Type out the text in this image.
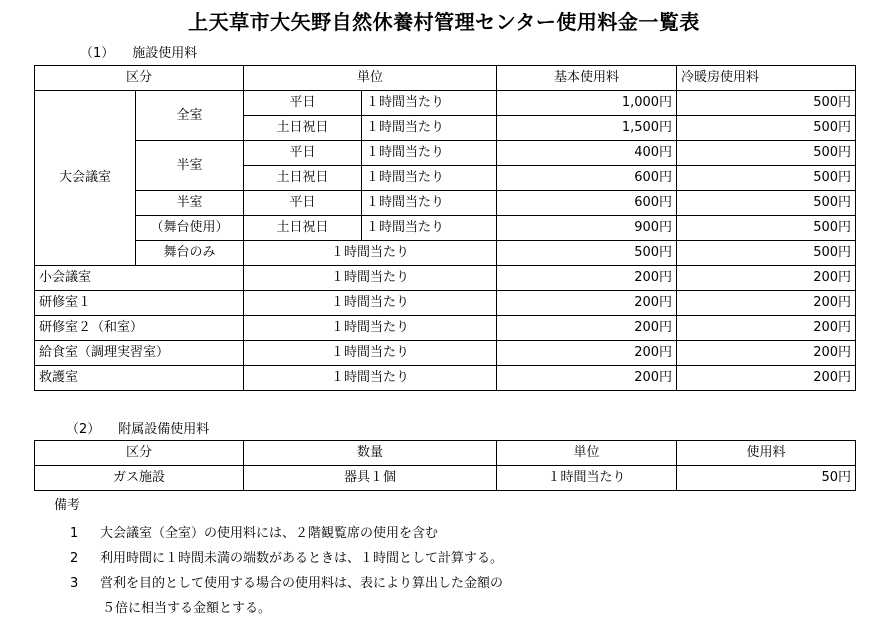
上天草市大矢野自然休養村管理センター使用料金一覧表
（1） 施設使用料
区分		単位		基本使用料	冷暖房使用料
大会議室	全室	平日	１時間当たり	1,000円	500円
		土日祝日	１時間当たり	1,500円	500円
	半室	平日	１時間当たり	400円	500円
		土日祝日	１時間当たり	600円	500円
	半室	平日	１時間当たり	600円	500円
	（舞台使用）	土日祝日	１時間当たり	900円	500円
	舞台のみ	１時間当たり		500円	500円
小会議室		１時間当たり		200円	200円
研修室１		１時間当たり		200円	200円
研修室２（和室）		１時間当たり		200円	200円
給食室（調理実習室）		１時間当たり		200円	200円
救護室		１時間当たり		200円	200円
（2） 附属設備使用料
区分	数量	単位	使用料
ガス施設	器具１個	１時間当たり	50円
備考
1 大会議室（全室）の使用料には、２階観覧席の使用を含む
2 利用時間に１時間未満の端数があるときは、１時間として計算する。
3 営利を目的として使用する場合の使用料は、表により算出した金額の
５倍に相当する金額とする。
